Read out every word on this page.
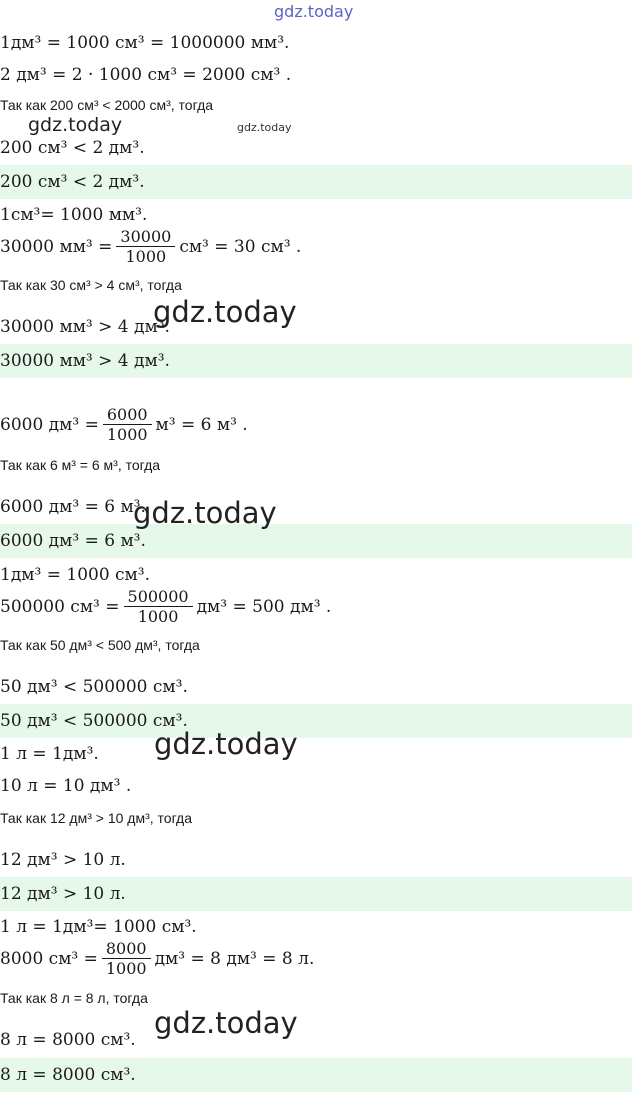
gdz.today
gdz.today	gdz.today
gdz.today
gdz.today
gdz.today
gdz.today
1дм³ = 1000 см³ = 1000000 мм³.
2 дм³ = 2 · 1000 см³ = 2000 см³ .
Так как 200 см³ < 2000 см³, тогда
200 см³ < 2 дм³.
200 см³ < 2 дм³.
1см³= 1000 мм³.
30000 $мм^3 = \frac{30000}{1000} см^3 = 30$ см³ .
Так как 30 см³ > 4 см³, тогда
30000 мм³ > 4 дм³.
30000 мм³ > 4 дм³.
6000 $дм^3 = \frac{6000}{1000} м^3 = 6$ м³ .
Так как 6 м³ = 6 м³, тогда
6000 дм³ = 6 м³.
6000 дм³ = 6 м³.
1дм³ = 1000 см³.
500000 $см^3 = \frac{500000}{1000} дм^3 = 500$ дм³ .
Так как 50 дм³ < 500 дм³, тогда
50 дм³ < 500000 см³.
50 дм³ < 500000 см³.
1 л = 1дм³.
10 л = 10 дм³ .
Так как 12 дм³ > 10 дм³, тогда
12 дм³ > 10 л.
12 дм³ > 10 л.
1 л = 1дм³= 1000 см³.
8000 $см^3 = \frac{8000}{1000} дм^3 = 8$ дм³ = 8 л.
Так как 8 л = 8 л, тогда
8 л = 8000 см³.
8 л = 8000 см³.
